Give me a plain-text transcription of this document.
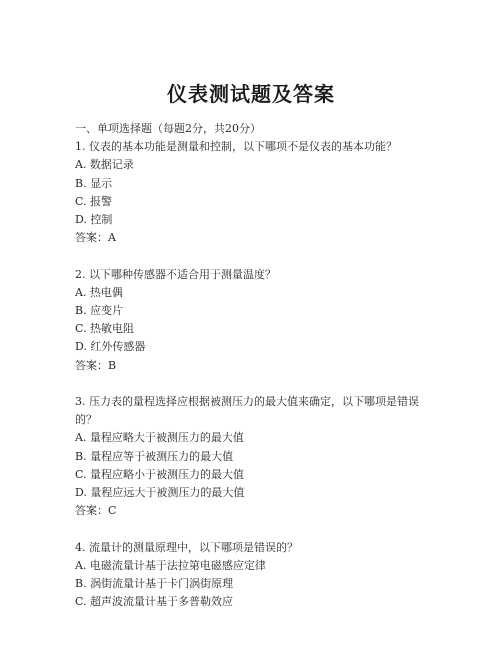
仪表测试题及答案
一、单项选择题（每题2分，共20分）
1. 仪表的基本功能是测量和控制，以下哪项不是仪表的基本功能？
A. 数据记录
B. 显示
C. 报警
D. 控制
答案：A
2. 以下哪种传感器不适合用于测量温度？
A. 热电偶
B. 应变片
C. 热敏电阻
D. 红外传感器
答案：B
3. 压力表的量程选择应根据被测压力的最大值来确定，以下哪项是错误的？
A. 量程应略大于被测压力的最大值
B. 量程应等于被测压力的最大值
C. 量程应略小于被测压力的最大值
D. 量程应远大于被测压力的最大值
答案：C
4. 流量计的测量原理中，以下哪项是错误的？
A. 电磁流量计基于法拉第电磁感应定律
B. 涡街流量计基于卡门涡街原理
C. 超声波流量计基于多普勒效应
